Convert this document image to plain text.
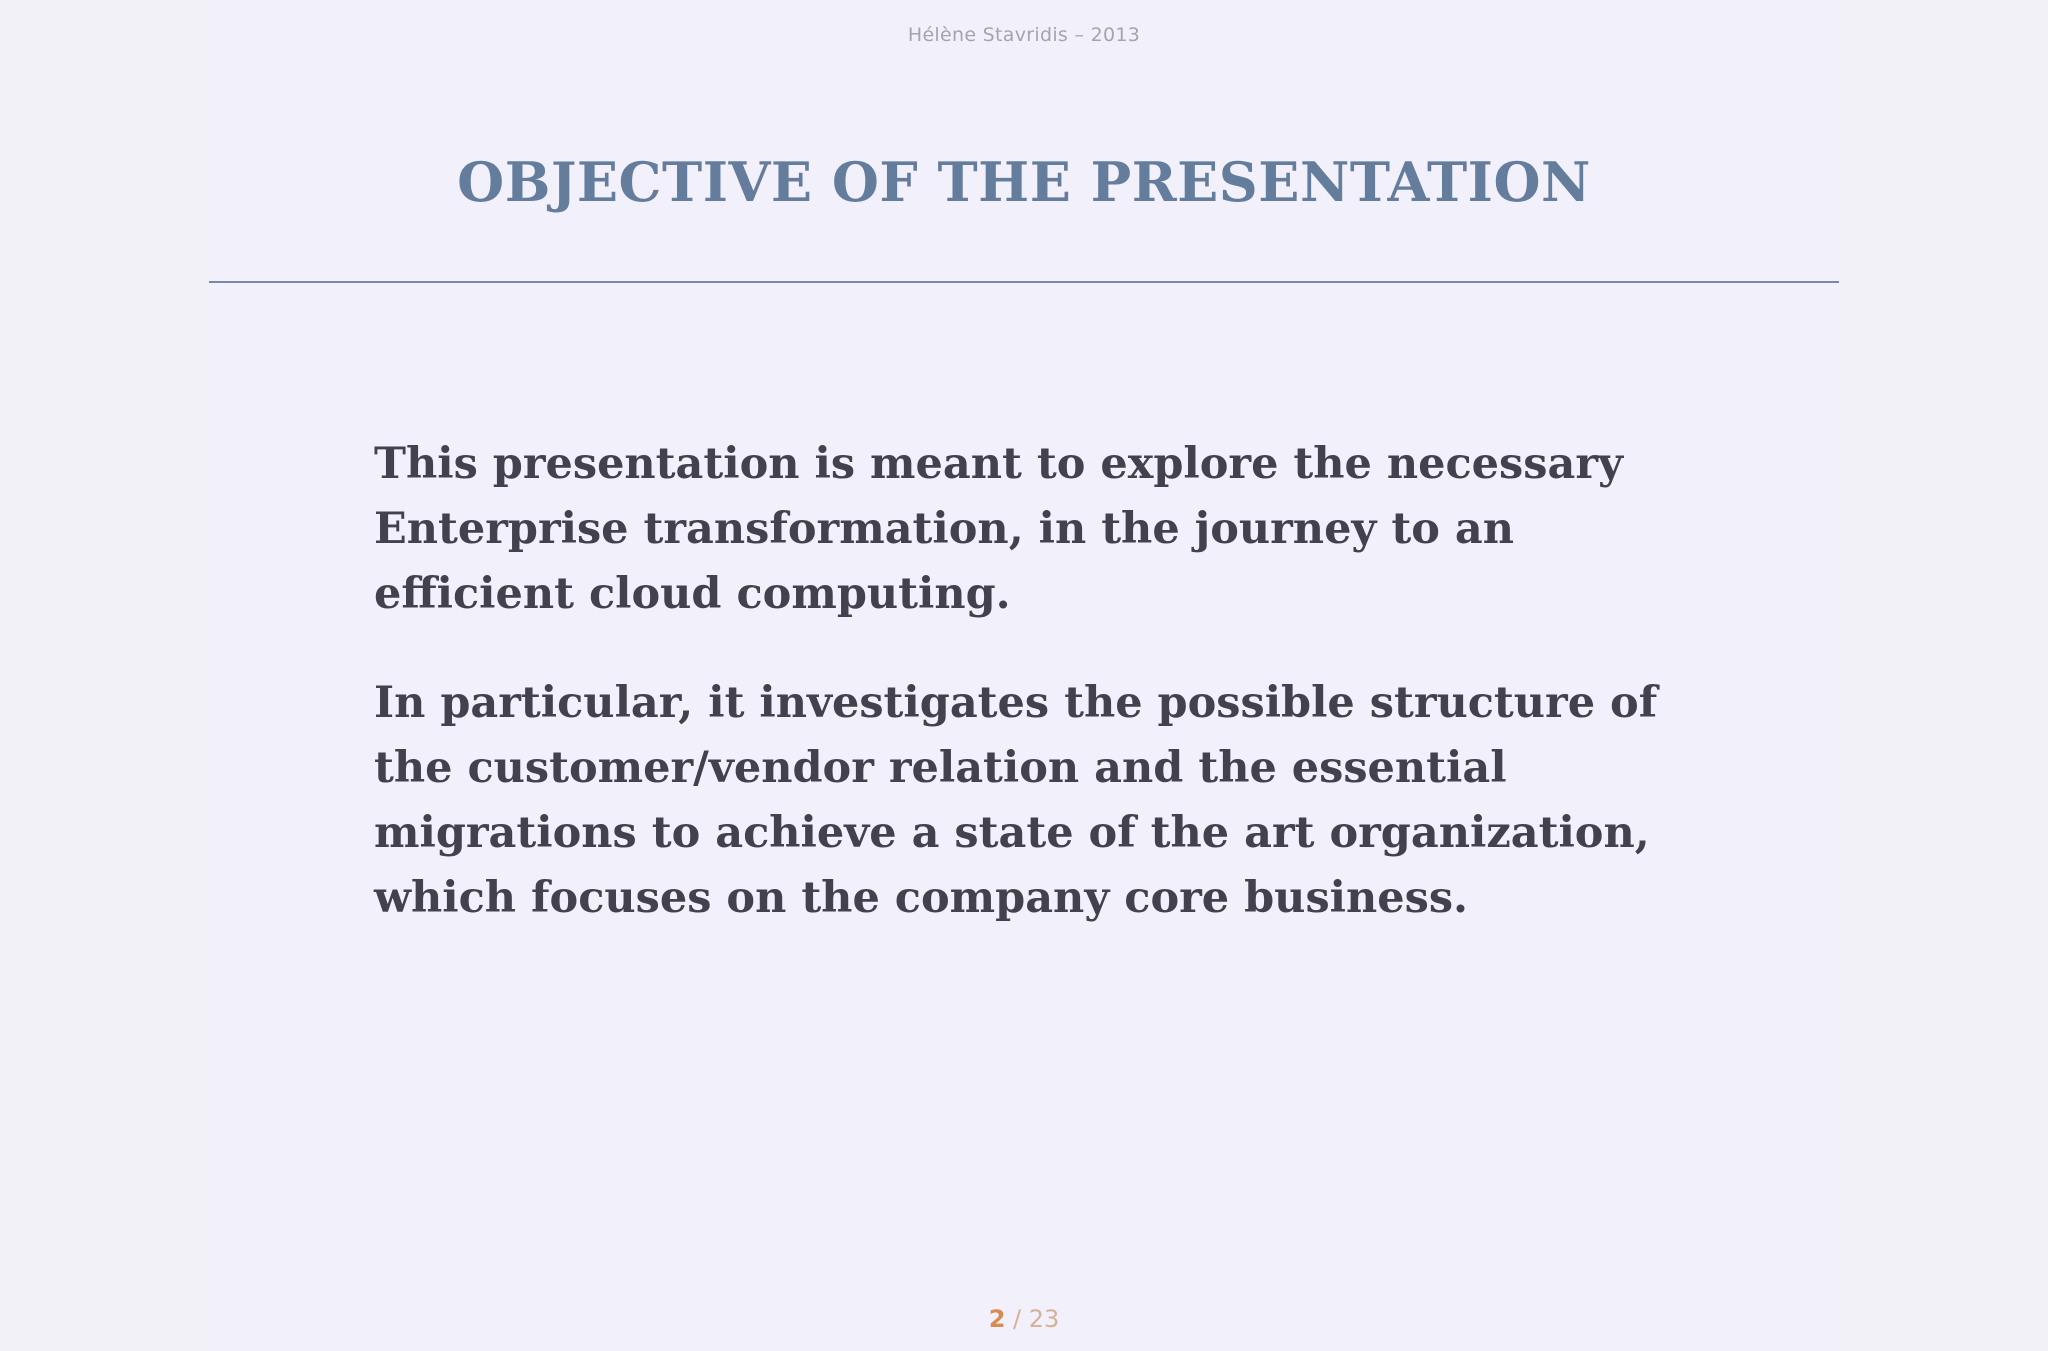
Hélène Stavridis – 2013
OBJECTIVE OF THE PRESENTATION

This presentation is meant to explore the necessary Enterprise transformation, in the journey to an efficient cloud computing.

In particular, it investigates the possible structure of the customer/vendor relation and the essential migrations to achieve a state of the art organization, which focuses on the company core business.

2 / 23
